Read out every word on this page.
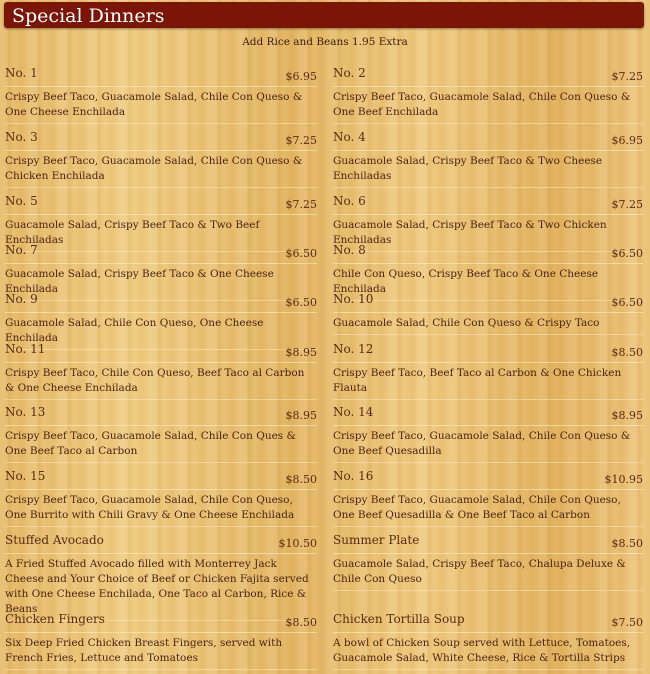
Special Dinners
Add Rice and Beans 1.95 Extra
No. 1	$6.95
Crispy Beef Taco, Guacamole Salad, Chile Con Queso & One Cheese Enchilada
No. 2	$7.25
Crispy Beef Taco, Guacamole Salad, Chile Con Queso & One Beef Enchilada
No. 3	$7.25
Crispy Beef Taco, Guacamole Salad, Chile Con Queso & Chicken Enchilada
No. 4	$6.95
Guacamole Salad, Crispy Beef Taco & Two Cheese Enchiladas
No. 5	$7.25
Guacamole Salad, Crispy Beef Taco & Two Beef Enchiladas
No. 6	$7.25
Guacamole Salad, Crispy Beef Taco & Two Chicken Enchiladas
No. 7	$6.50
Guacamole Salad, Crispy Beef Taco & One Cheese Enchilada
No. 8	$6.50
Chile Con Queso, Crispy Beef Taco & One Cheese Enchilada
No. 9	$6.50
Guacamole Salad, Chile Con Queso, One Cheese Enchilada
No. 10	$6.50
Guacamole Salad, Chile Con Queso & Crispy Taco
No. 11	$8.95
Crispy Beef Taco, Chile Con Queso, Beef Taco al Carbon & One Cheese Enchilada
No. 12	$8.50
Crispy Beef Taco, Beef Taco al Carbon & One Chicken Flauta
No. 13	$8.95
Crispy Beef Taco, Guacamole Salad, Chile Con Ques & One Beef Taco al Carbon
No. 14	$8.95
Crispy Beef Taco, Guacamole Salad, Chile Con Queso & One Beef Quesadilla
No. 15	$8.50
Crispy Beef Taco, Guacamole Salad, Chile Con Queso, One Burrito with Chili Gravy & One Cheese Enchilada
No. 16	$10.95
Crispy Beef Taco, Guacamole Salad, Chile Con Queso, One Beef Quesadilla & One Beef Taco al Carbon
Stuffed Avocado	$10.50
A Fried Stuffed Avocado filled with Monterrey Jack Cheese and Your Choice of Beef or Chicken Fajita served with One Cheese Enchilada, One Taco al Carbon, Rice & Beans
Summer Plate	$8.50
Guacamole Salad, Crispy Beef Taco, Chalupa Deluxe & Chile Con Queso
Chicken Fingers	$8.50
Six Deep Fried Chicken Breast Fingers, served with French Fries, Lettuce and Tomatoes
Chicken Tortilla Soup	$7.50
A bowl of Chicken Soup served with Lettuce, Tomatoes, Guacamole Salad, White Cheese, Rice & Tortilla Strips
